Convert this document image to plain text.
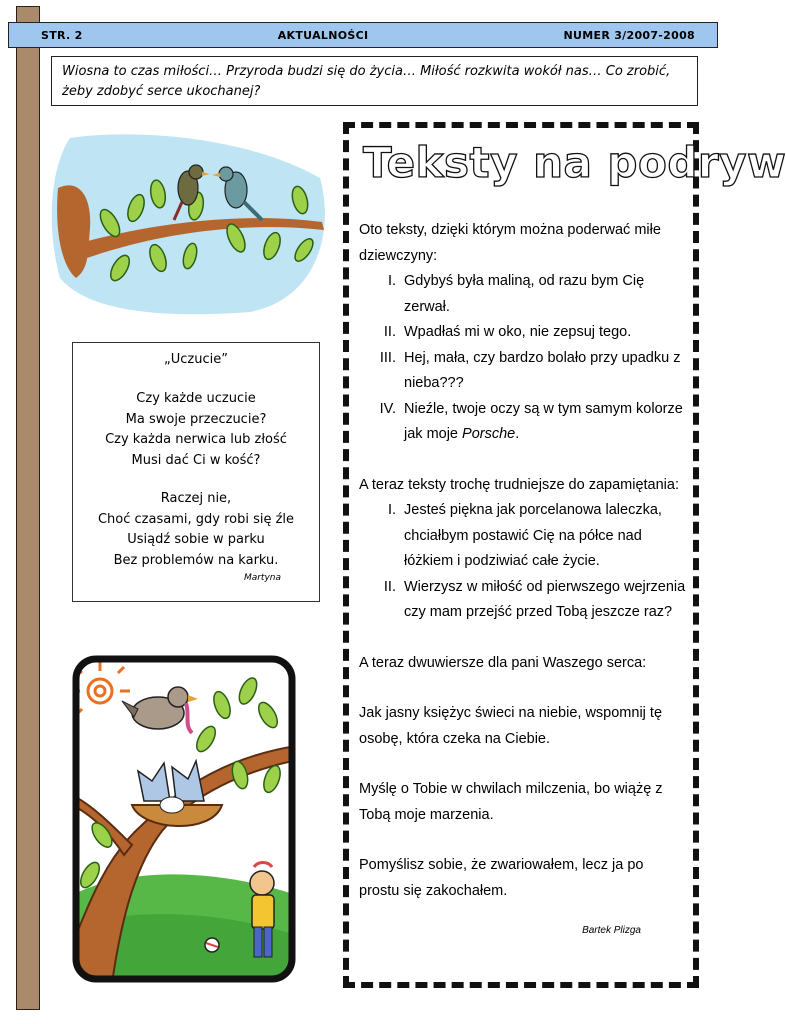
STR. 2	AKTUALNOŚCI	NUMER 3/2007-2008
Wiosna to czas miłości… Przyroda budzi się do życia… Miłość rozkwita wokół nas… Co zrobić, żeby zdobyć serce ukochanej?
„Uczucie”
Czy każde uczucie
Ma swoje przeczucie?
Czy każda nerwica lub złość
Musi dać Ci w kość?
Raczej nie,
Choć czasami, gdy robi się źle
Usiądź sobie w parku
Bez problemów na karku.
Martyna
Teksty na podryw

Oto teksty, dzięki którym można poderwać miłe dziewczyny:

I. Gdybyś była maliną, od razu bym Cię zerwał.
II. Wpadłaś mi w oko, nie zepsuj tego.
III. Hej, mała, czy bardzo bolało przy upadku z nieba???
IV. Nieźle, twoje oczy są w tym samym kolorze jak moje Porsche.

A teraz teksty trochę trudniejsze do zapamiętania:

I. Jesteś piękna jak porcelanowa laleczka, chciałbym postawić Cię na półce nad łóżkiem i podziwiać całe życie.
II. Wierzysz w miłość od pierwszego wejrzenia czy mam przejść przed Tobą jeszcze raz?

A teraz dwuwiersze dla pani Waszego serca:

Jak jasny księżyc świeci na niebie, wspomnij tę osobę, która czeka na Ciebie.

Myślę o Tobie w chwilach milczenia, bo wiążę z Tobą moje marzenia.

Pomyślisz sobie, że zwariowałem, lecz ja po prostu się zakochałem.

Bartek Plizga
